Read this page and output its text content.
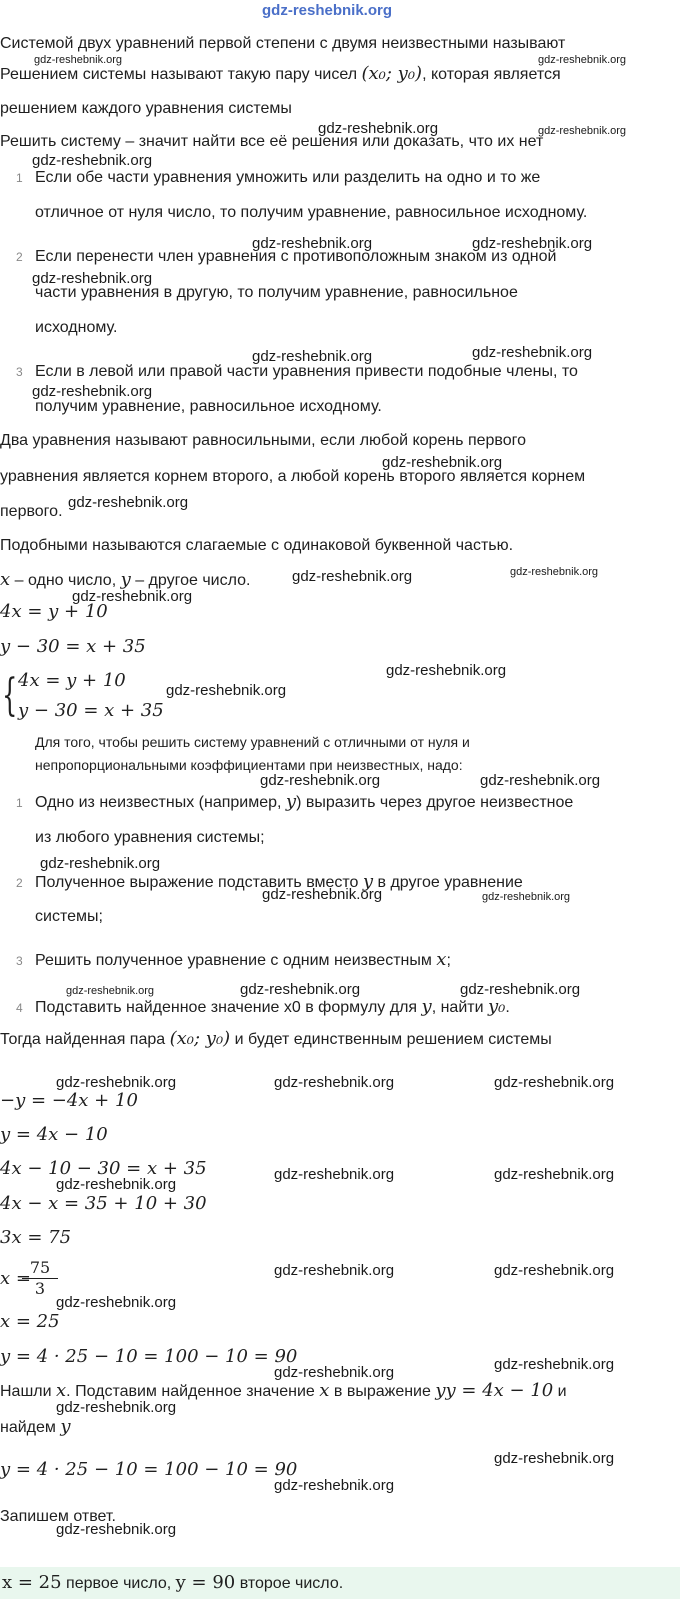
gdz-reshebnik.org
Системой двух уравнений первой степени с двумя неизвестными называют
Решением системы называют такую пару чисел (x₀; y₀), которая является
решением каждого уравнения системы
Решить систему – значит найти все её решения или доказать, что их нет
1 Если обе части уравнения умножить или разделить на одно и то же
отличное от нуля число, то получим уравнение, равносильное исходному.
2 Если перенести член уравнения с противоположным знаком из одной
части уравнения в другую, то получим уравнение, равносильное
исходному.
3 Если в левой или правой части уравнения привести подобные члены, то
получим уравнение, равносильное исходному.
Два уравнения называют равносильными, если любой корень первого
уравнения является корнем второго, а любой корень второго является корнем
первого.
Подобными называются слагаемые с одинаковой буквенной частью.
x – одно число, y – другое число.
4x = y + 10
y − 30 = x + 35
{ 4x = y + 10
y − 30 = x + 35
Для того, чтобы решить систему уравнений с отличными от нуля и
непропорциональными коэффициентами при неизвестных, надо:
1 Одно из неизвестных (например, y) выразить через другое неизвестное
из любого уравнения системы;
2 Полученное выражение подставить вместо y в другое уравнение
системы;
3 Решить полученное уравнение с одним неизвестным x;
4 Подставить найденное значение x0 в формулу для y, найти y₀.
Тогда найденная пара (x₀; y₀) и будет единственным решением системы
−y = −4x + 10
y = 4x − 10
4x − 10 − 30 = x + 35
4x − x = 35 + 10 + 30
3x = 75
x =
$\frac{75}{3}$
x = 25
y = 4 · 25 − 10 = 100 − 10 = 90
Нашли x. Подставим найденное значение x в выражение yy = 4x − 10 и
найдем y
y = 4 · 25 − 10 = 100 − 10 = 90
Запишем ответ.
x = 25 первое число, y = 90 второе число.
gdz-reshebnik.org	gdz-reshebnik.org
gdz-reshebnik.org	gdz-reshebnik.org
gdz-reshebnik.org
gdz-reshebnik.org	gdz-reshebnik.org
gdz-reshebnik.org
gdz-reshebnik.org	gdz-reshebnik.org
gdz-reshebnik.org
gdz-reshebnik.org
gdz-reshebnik.org
gdz-reshebnik.org	gdz-reshebnik.org
gdz-reshebnik.org
gdz-reshebnik.org
gdz-reshebnik.org
gdz-reshebnik.org	gdz-reshebnik.org
gdz-reshebnik.org
gdz-reshebnik.org	gdz-reshebnik.org
gdz-reshebnik.org	gdz-reshebnik.org	gdz-reshebnik.org
gdz-reshebnik.org	gdz-reshebnik.org	gdz-reshebnik.org
gdz-reshebnik.org
gdz-reshebnik.org	gdz-reshebnik.org
gdz-reshebnik.org	gdz-reshebnik.org
gdz-reshebnik.org
gdz-reshebnik.org	gdz-reshebnik.org
gdz-reshebnik.org
gdz-reshebnik.org
gdz-reshebnik.org
gdz-reshebnik.org
